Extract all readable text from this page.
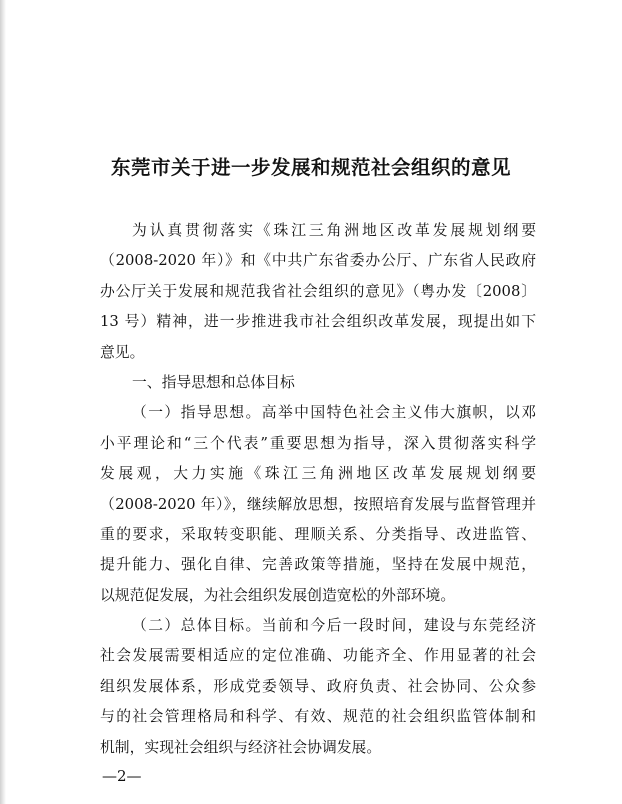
东莞市关于进一步发展和规范社会组织的意见
为认真贯彻落实《珠江三角洲地区改革发展规划纲要
（2008-2020 年）》和《中共广东省委办公厅、广东省人民政府
办公厅关于发展和规范我省社会组织的意见》（粤办发〔2008〕
13 号）精神，进一步推进我市社会组织改革发展，现提出如下
意见。
一、指导思想和总体目标
（一）指导思想。高举中国特色社会主义伟大旗帜，以邓
小平理论和“三个代表”重要思想为指导，深入贯彻落实科学
发展观，大力实施《珠江三角洲地区改革发展规划纲要
（2008-2020 年）》，继续解放思想，按照培育发展与监督管理并
重的要求，采取转变职能、理顺关系、分类指导、改进监管、
提升能力、强化自律、完善政策等措施，坚持在发展中规范，
以规范促发展，为社会组织发展创造宽松的外部环境。
（二）总体目标。当前和今后一段时间，建设与东莞经济
社会发展需要相适应的定位准确、功能齐全、作用显著的社会
组织发展体系，形成党委领导、政府负责、社会协同、公众参
与的社会管理格局和科学、有效、规范的社会组织监管体制和
机制，实现社会组织与经济社会协调发展。
—2—
